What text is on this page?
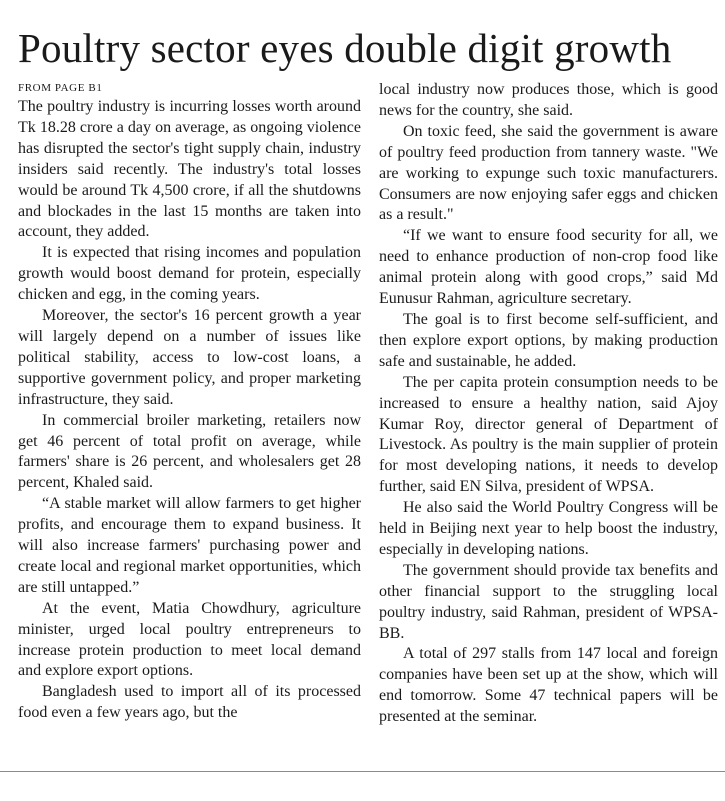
Poultry sector eyes double digit growth
FROM PAGE B1

The poultry industry is incurring losses worth around Tk 18.28 crore a day on average, as ongoing violence has disrupted the sector's tight supply chain, industry insiders said recently. The industry's total losses would be around Tk 4,500 crore, if all the shutdowns and blockades in the last 15 months are taken into account, they added.

It is expected that rising incomes and population growth would boost demand for protein, especially chicken and egg, in the coming years.

Moreover, the sector's 16 percent growth a year will largely depend on a number of issues like political stability, access to low-cost loans, a supportive government policy, and proper marketing infrastructure, they said.

In commercial broiler marketing, retailers now get 46 percent of total profit on average, while farmers' share is 26 percent, and wholesalers get 28 percent, Khaled said.

“A stable market will allow farmers to get higher profits, and encourage them to expand business. It will also increase farmers' purchasing power and create local and regional market opportunities, which are still untapped.”

At the event, Matia Chowdhury, agriculture minister, urged local poultry entrepreneurs to increase protein production to meet local demand and explore export options.

Bangladesh used to import all of its processed food even a few years ago, but the

local industry now produces those, which is good news for the country, she said.

On toxic feed, she said the government is aware of poultry feed production from tannery waste. "We are working to expunge such toxic manufacturers. Consumers are now enjoying safer eggs and chicken as a result."

“If we want to ensure food security for all, we need to enhance production of non-crop food like animal protein along with good crops,” said Md Eunusur Rahman, agriculture secretary.

The goal is to first become self-sufficient, and then explore export options, by making production safe and sustainable, he added.

The per capita protein consumption needs to be increased to ensure a healthy nation, said Ajoy Kumar Roy, director general of Department of Livestock. As poultry is the main supplier of protein for most developing nations, it needs to develop further, said EN Silva, president of WPSA.

He also said the World Poultry Congress will be held in Beijing next year to help boost the industry, especially in developing nations.

The government should provide tax benefits and other financial support to the struggling local poultry industry, said Rahman, president of WPSA-BB.

A total of 297 stalls from 147 local and foreign companies have been set up at the show, which will end tomorrow. Some 47 technical papers will be presented at the seminar.
